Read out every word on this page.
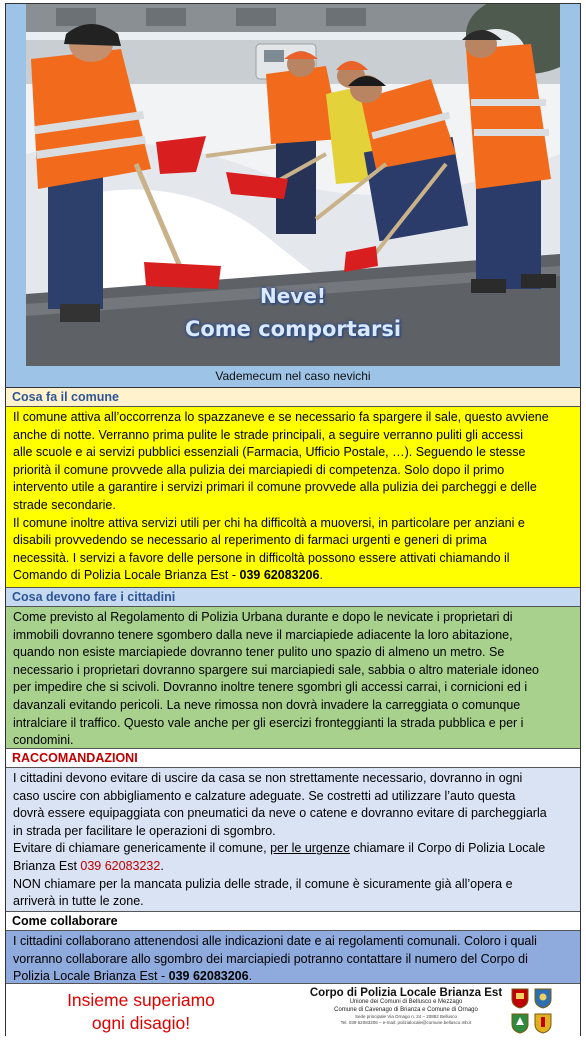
Neve!
Come comportarsi
Vademecum nel caso nevichi
Cosa fa il comune
Il comune attiva all’occorrenza lo spazzaneve e se necessario fa spargere il sale, questo avviene
anche di notte. Verranno prima pulite le strade principali, a seguire verranno puliti gli accessi
alle scuole e ai servizi pubblici essenziali (Farmacia, Ufficio Postale, …). Seguendo le stesse
priorità il comune provvede alla pulizia dei marciapiedi di competenza. Solo dopo il primo
intervento utile a garantire i servizi primari il comune provvede alla pulizia dei parcheggi e delle
strade secondarie.
Il comune inoltre attiva servizi utili per chi ha difficoltà a muoversi, in particolare per anziani e
disabili provvedendo se necessario al reperimento di farmaci urgenti e generi di prima
necessità. I servizi a favore delle persone in difficoltà possono essere attivati chiamando il
Comando di Polizia Locale Brianza Est - 039 62083206.
Cosa devono fare i cittadini
Come previsto al Regolamento di Polizia Urbana durante e dopo le nevicate i proprietari di
immobili dovranno tenere sgombero dalla neve il marciapiede adiacente la loro abitazione,
quando non esiste marciapiede dovranno tener pulito uno spazio di almeno un metro. Se
necessario i proprietari dovranno spargere sui marciapiedi sale, sabbia o altro materiale idoneo
per impedire che si scivoli. Dovranno inoltre tenere sgombri gli accessi carrai, i cornicioni ed i
davanzali evitando pericoli. La neve rimossa non dovrà invadere la carreggiata o comunque
intralciare il traffico. Questo vale anche per gli esercizi fronteggianti la strada pubblica e per i
condomini.
RACCOMANDAZIONI
I cittadini devono evitare di uscire da casa se non strettamente necessario, dovranno in ogni
caso uscire con abbigliamento e calzature adeguate. Se costretti ad utilizzare l’auto questa
dovrà essere equipaggiata con pneumatici da neve o catene e dovranno evitare di parcheggiarla
in strada per facilitare le operazioni di sgombro.
Evitare di chiamare genericamente il comune, per le urgenze chiamare il Corpo di Polizia Locale
Brianza Est 039 62083232.
NON chiamare per la mancata pulizia delle strade, il comune è sicuramente già all’opera e
arriverà in tutte le zone.
Come collaborare
I cittadini collaborano attenendosi alle indicazioni date e ai regolamenti comunali. Coloro i quali
vorranno collaborare allo sgombro dei marciapiedi potranno contattare il numero del Corpo di
Polizia Locale Brianza Est - 039 62083206.
Insieme superiamo
ogni disagio!
Corpo di Polizia Locale Brianza Est
Unione dei Comuni di Bellusco e Mezzago
Comune di Cavenago di Brianza e Comune di Ornago
Sede principale Via Ornago n. 24 – 20882 Bellusco
Tel. 039 62083206 – e-mail: polizialocale@comune.bellusco.mb.it
